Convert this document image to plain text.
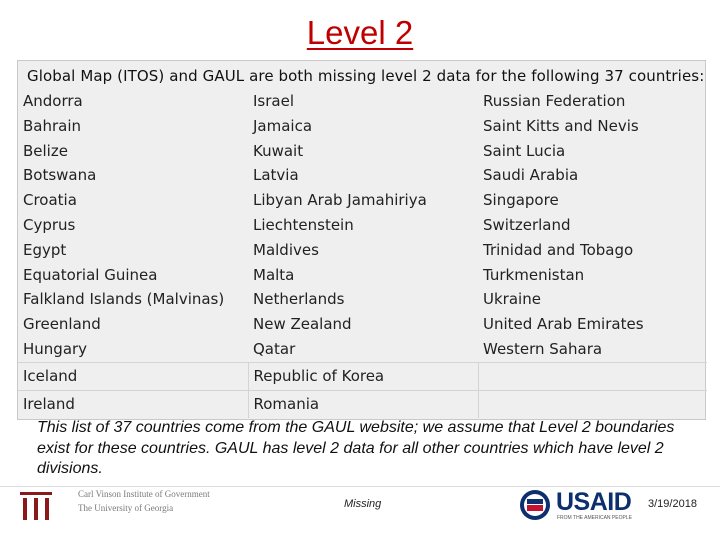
Level 2
Global Map (ITOS) and GAUL are both missing level 2 data for the following 37 countries:
Andorra	Israel	Russian Federation
Bahrain	Jamaica	Saint Kitts and Nevis
Belize	Kuwait	Saint Lucia
Botswana	Latvia	Saudi Arabia
Croatia	Libyan Arab Jamahiriya	Singapore
Cyprus	Liechtenstein	Switzerland
Egypt	Maldives	Trinidad and Tobago
Equatorial Guinea	Malta	Turkmenistan
Falkland Islands (Malvinas)	Netherlands	Ukraine
Greenland	New Zealand	United Arab Emirates
Hungary	Qatar	Western Sahara
Iceland	Republic of Korea	
Ireland	Romania	
This list of 37 countries come from the GAUL website; we assume that Level 2 boundaries exist for these countries. GAUL has level 2 data for all other countries which have level 2 divisions.
Carl Vinson Institute of Government
The University of Georgia	Missing	USAID
FROM THE AMERICAN PEOPLE
3/19/2018
